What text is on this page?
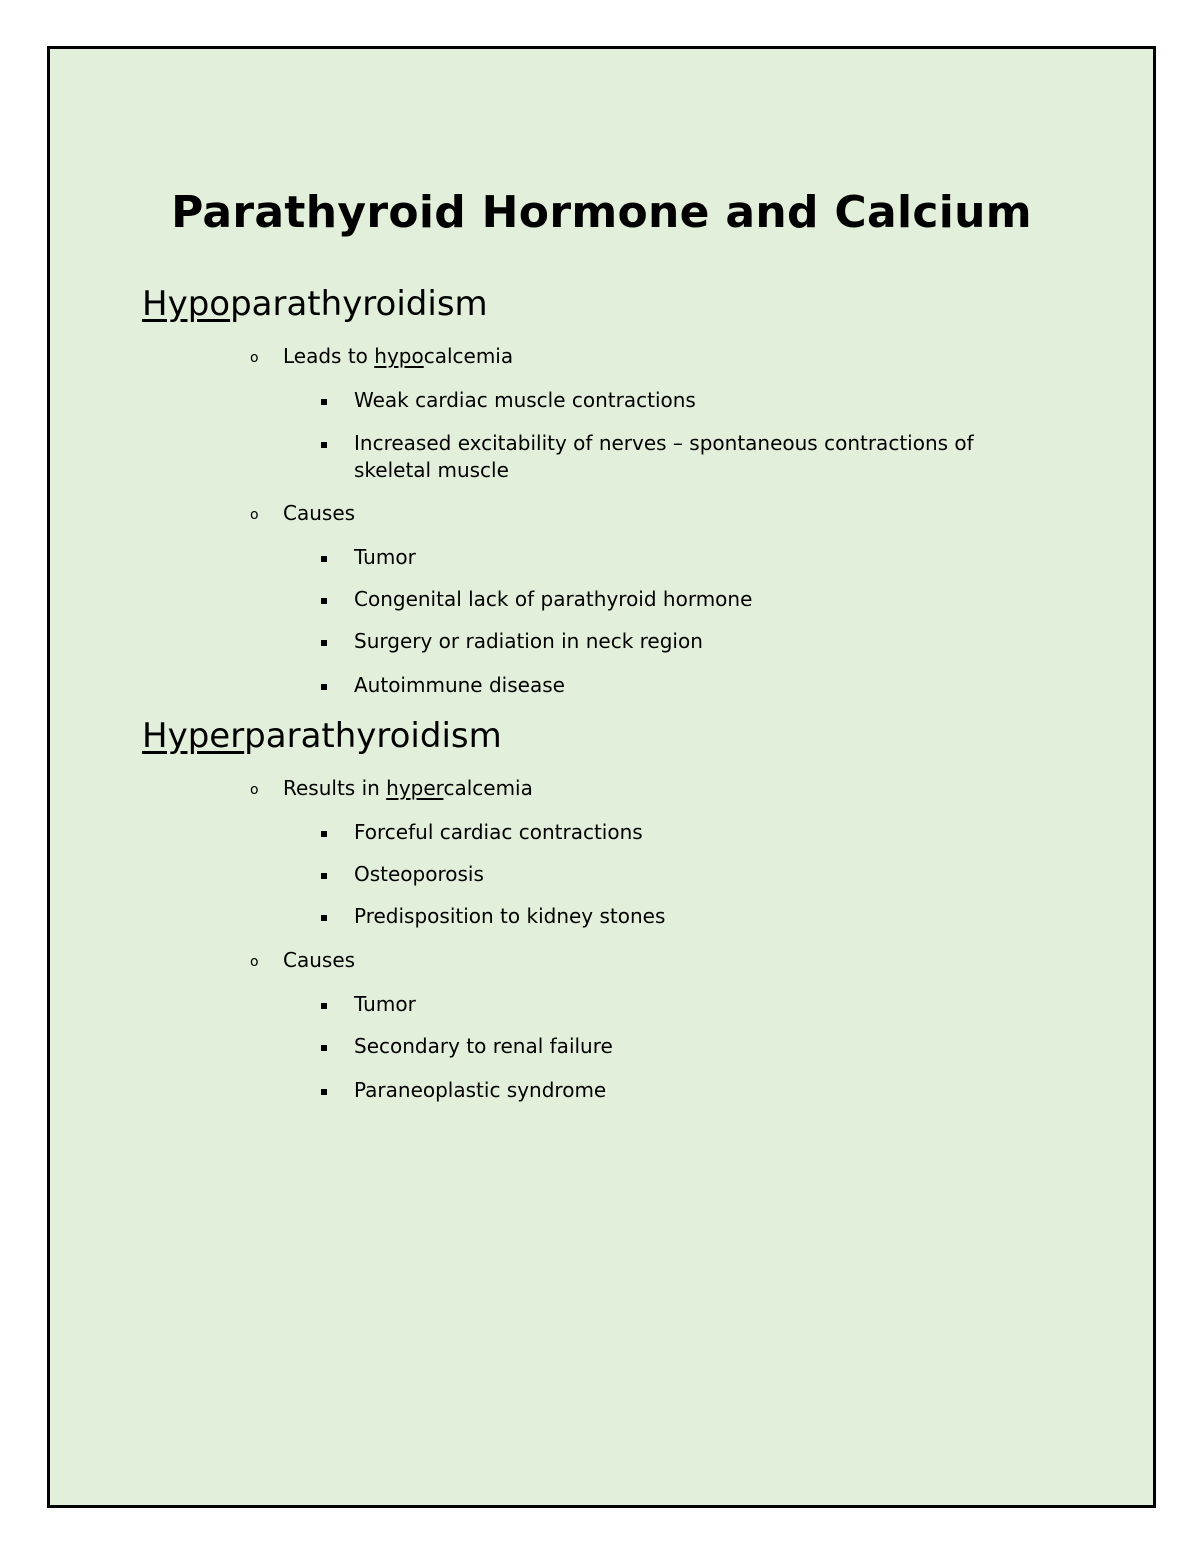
Parathyroid Hormone and Calcium
Hypoparathyroidism
o Leads to hypocalcemia
Weak cardiac muscle contractions
Increased excitability of nerves – spontaneous contractions of skeletal muscle
o Causes
Tumor
Congenital lack of parathyroid hormone
Surgery or radiation in neck region
Autoimmune disease
Hyperparathyroidism
o Results in hypercalcemia
Forceful cardiac contractions
Osteoporosis
Predisposition to kidney stones
o Causes
Tumor
Secondary to renal failure
Paraneoplastic syndrome
